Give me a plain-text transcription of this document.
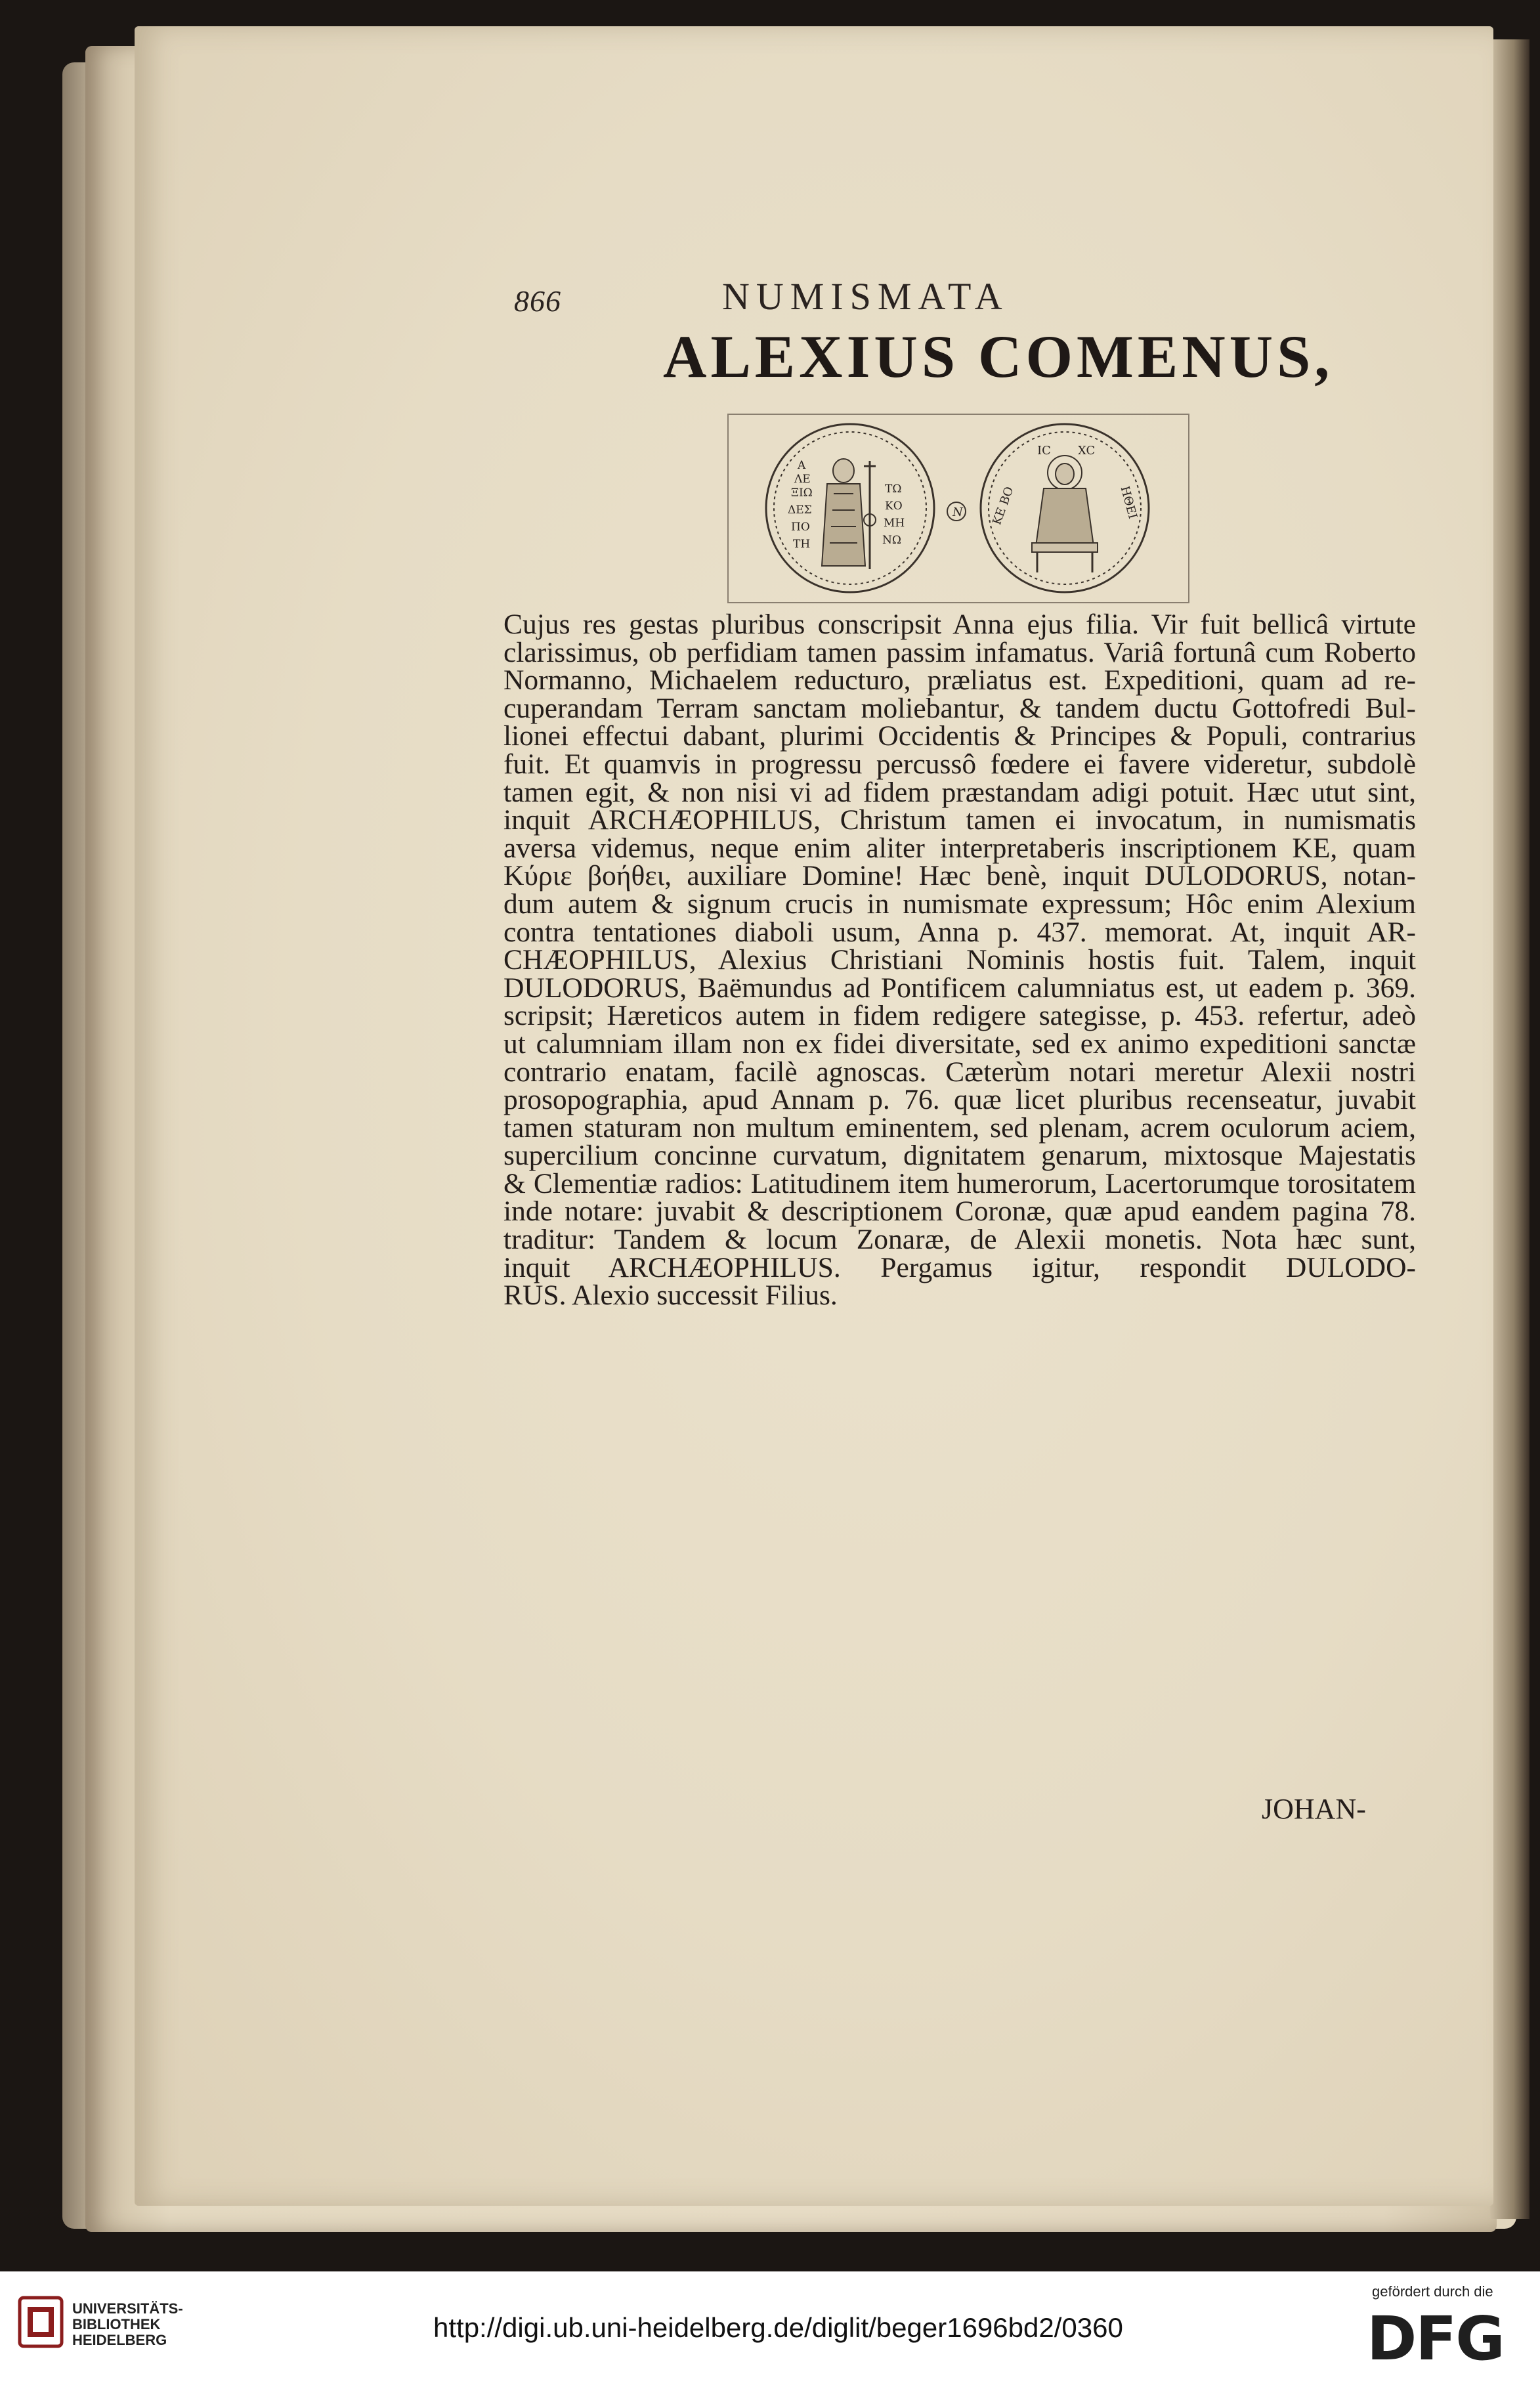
866	NUMISMATA
ALEXIUS COMENUS,
Α
ΛΕ
ΞΙΩ
ΔΕΣ
ΠΟ
ΤΗ
ΤΩ
ΚΟ
ΜΗ
ΝΩ
N
ΙC XC
ΚΕ ΒΟ	ΗΘΕΙ

Cujus res gestas pluribus conscripsit Anna ejus filia. Vir fuit bellicâ virtute

clarissimus, ob perfidiam tamen passim infamatus. Variâ fortunâ cum Roberto

Normanno, Michaelem reducturo, præliatus est. Expeditioni, quam ad re-

cuperandam Terram sanctam moliebantur, & tandem ductu Gottofredi Bul-

lionei effectui dabant, plurimi Occidentis & Principes & Populi, contrarius

fuit. Et quamvis in progressu percussô fœdere ei favere videretur, subdolè

tamen egit, & non nisi vi ad fidem præstandam adigi potuit. Hæc utut sint,

inquit ARCHÆOPHILUS, Christum tamen ei invocatum, in numismatis

aversa videmus, neque enim aliter interpretaberis inscriptionem ΚΕ, quam

Κύριε βοήθει, auxiliare Domine! Hæc benè, inquit DULODORUS, notan-

dum autem & signum crucis in numismate expressum; Hôc enim Alexium

contra tentationes diaboli usum, Anna p. 437. memorat. At, inquit AR-

CHÆOPHILUS, Alexius Christiani Nominis hostis fuit. Talem, inquit

DULODORUS, Baëmundus ad Pontificem calumniatus est, ut eadem p. 369.

scripsit; Hæreticos autem in fidem redigere sategisse, p. 453. refertur, adeò

ut calumniam illam non ex fidei diversitate, sed ex animo expeditioni sanctæ

contrario enatam, facilè agnoscas. Cæterùm notari meretur Alexii nostri

prosopographia, apud Annam p. 76. quæ licet pluribus recenseatur, juvabit

tamen staturam non multum eminentem, sed plenam, acrem oculorum aciem,

supercilium concinne curvatum, dignitatem genarum, mixtosque Majestatis

& Clementiæ radios: Latitudinem item humerorum, Lacertorumque torositatem

inde notare: juvabit & descriptionem Coronæ, quæ apud eandem pagina 78.

traditur: Tandem & locum Zonaræ, de Alexii monetis. Nota hæc sunt,

inquit ARCHÆOPHILUS. Pergamus igitur, respondit DULODO-

RUS. Alexio successit Filius.

JOHAN-
UNIVERSITÄTS-
BIBLIOTHEK
HEIDELBERG	http://digi.ub.uni-heidelberg.de/diglit/beger1696bd2/0360
gefördert durch die
DFG
